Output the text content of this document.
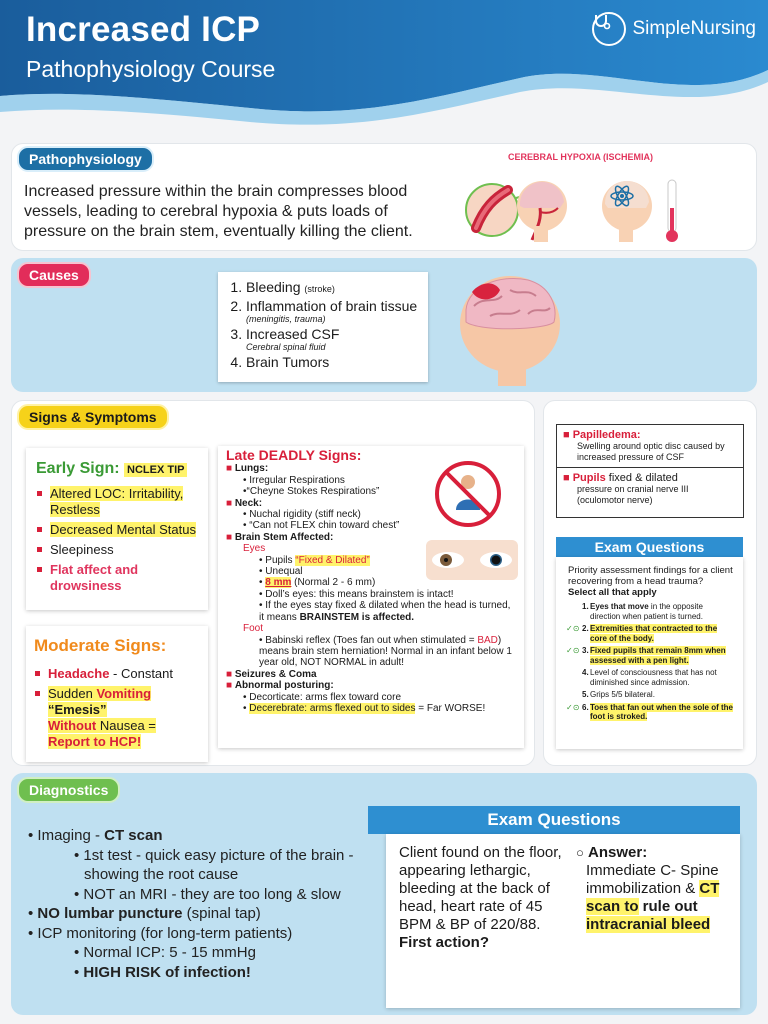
Increased ICP
Pathophysiology Course
SimpleNursing
Pathophysiology
Increased pressure within the brain compresses blood vessels, leading to cerebral hypoxia & puts loads of pressure on the brain stem, eventually killing the client.
CEREBRAL HYPOXIA (ISCHEMIA)
Causes
1. Bleeding (stroke)
2. Inflammation of brain tissue
(meningitis, trauma)
3. Increased CSF
Cerebral spinal fluid
4. Brain Tumors
Signs & Symptoms
Early Sign: NCLEX TIP
Altered LOC: Irritability, Restless
Decreased Mental Status
Sleepiness
Flat affect and drowsiness
Moderate Signs:
Headache - Constant
Sudden Vomiting “Emesis”
Without Nausea =
Report to HCP!
Late DEADLY Signs:
■ Lungs:
• Irregular Respirations
•“Cheyne Stokes Respirations”
■ Neck:
• Nuchal rigidity (stiff neck)
• “Can not FLEX chin toward chest”
■ Brain Stem Affected:
Eyes
• Pupils “Fixed & Dilated”
• Unequal
• 8 mm (Normal 2 - 6 mm)
• Doll’s eyes: this means brainstem is intact!
• If the eyes stay fixed & dilated when the head is turned, it means BRAINSTEM is affected.
Foot
• Babinski reflex (Toes fan out when stimulated = BAD) means brain stem herniation! Normal in an infant below 1 year old, NOT NORMAL in adult!
■ Seizures & Coma
■ Abnormal posturing:
• Decorticate: arms flex toward core
• Decerebrate: arms flexed out to sides = Far WORSE!
■ Papilledema:
Swelling around optic disc caused by increased pressure of CSF
■ Pupils fixed & dilated
pressure on cranial nerve III (oculomotor nerve)
Exam Questions
Priority assessment findings for a client recovering from a head trauma?
Select all that apply
1. Eyes that move in the opposite direction when patient is turned.
✓⊙ 2. Extremities that contracted to the core of the body.
✓⊙ 3. Fixed pupils that remain 8mm when assessed with a pen light.
4. Level of consciousness that has not diminished since admission.
5. Grips 5/5 bilateral.
✓⊙ 6. Toes that fan out when the sole of the foot is stroked.
Diagnostics
• Imaging - CT scan
• 1st test - quick easy picture of the brain - showing the root cause
• NOT an MRI - they are too long & slow
• NO lumbar puncture (spinal tap)
• ICP monitoring (for long-term patients)
• Normal ICP: 5 - 15 mmHg
• HIGH RISK of infection!
Exam Questions
Client found on the floor, appearing lethargic, bleeding at the back of head, heart rate of 45 BPM & BP of 220/88. First action?
○ Answer:
Immediate C- Spine immobilization & CT scan to rule out intracranial bleed
